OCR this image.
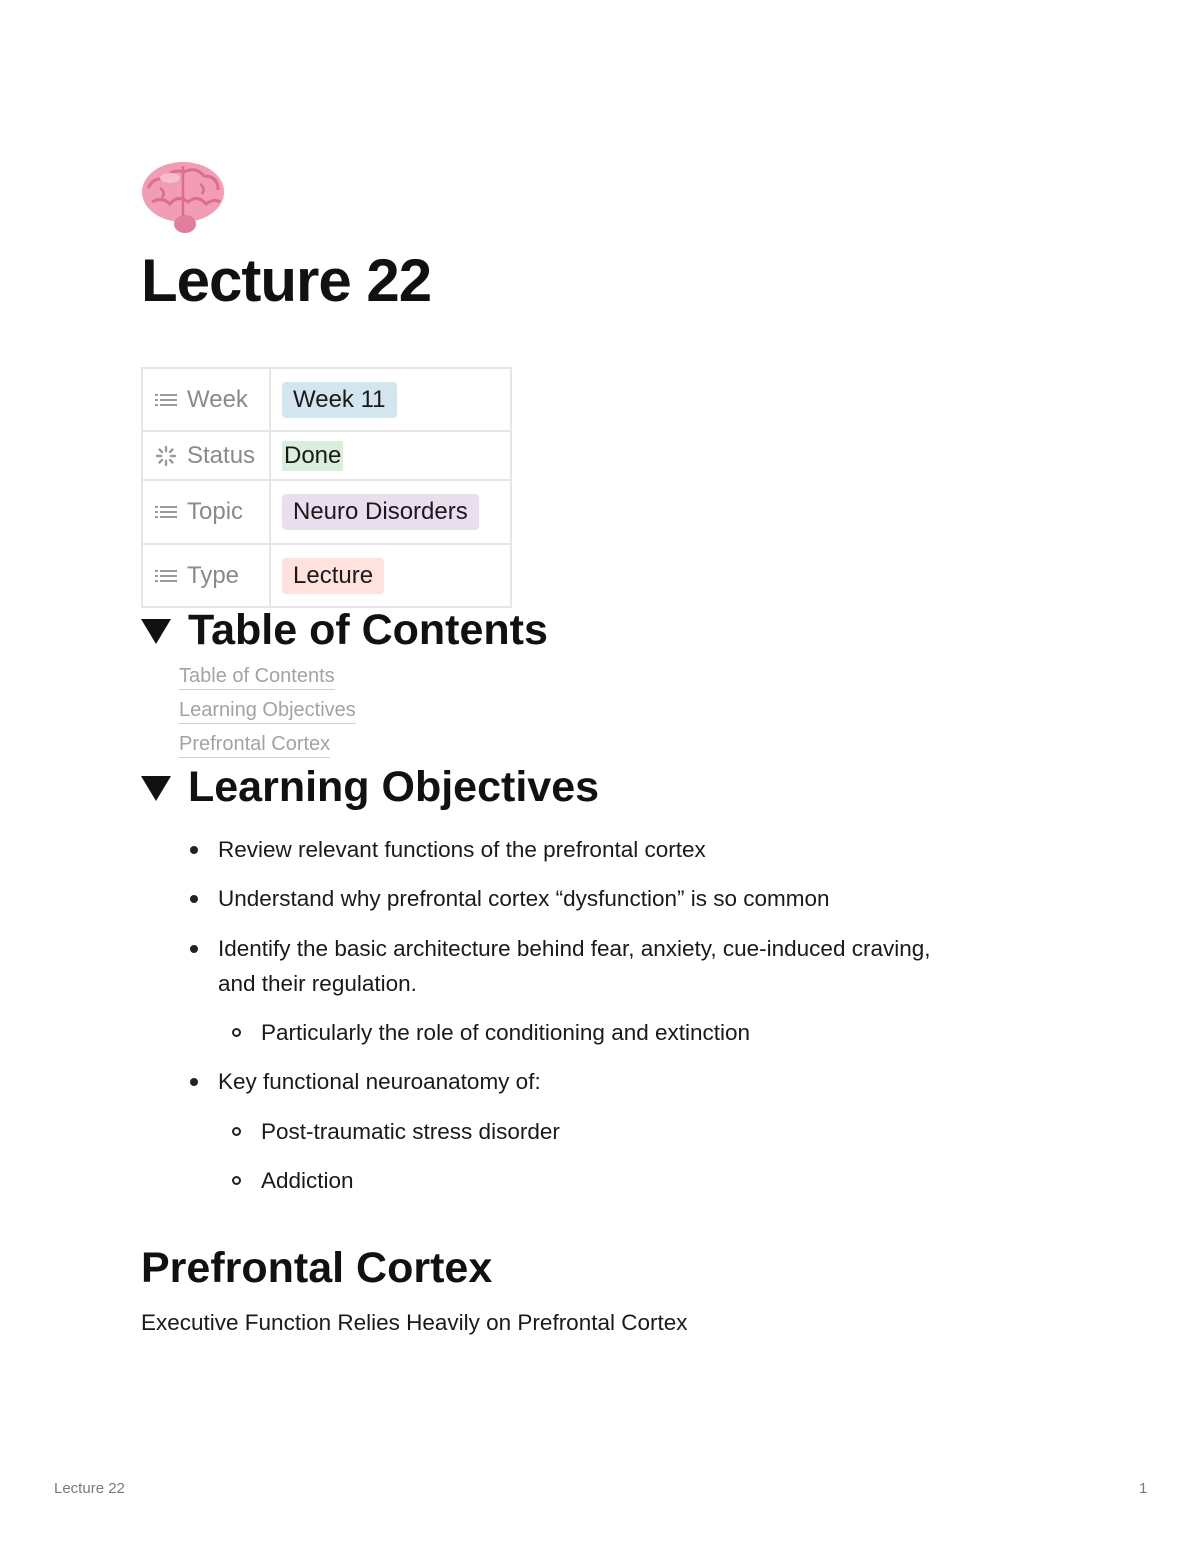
Lecture 22
Week	Week 11

Status	Done

Topic	Neuro Disorders

Type	Lecture
Table of Contents
Table of Contents
Learning Objectives
Prefrontal Cortex
Learning Objectives

Review relevant functions of the prefrontal cortex

Understand why prefrontal cortex “dysfunction” is so common

Identify the basic architecture behind fear, anxiety, cue-induced craving, and their regulation.

Particularly the role of conditioning and extinction

Key functional neuroanatomy of:

Post-traumatic stress disorder

Addiction

Prefrontal Cortex

Executive Function Relies Heavily on Prefrontal Cortex

Lecture 22	1
